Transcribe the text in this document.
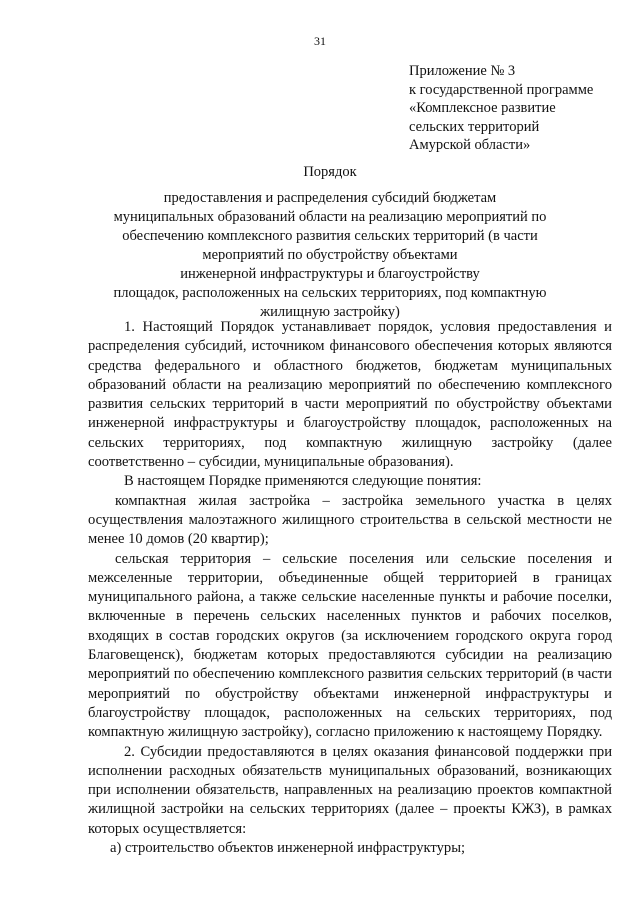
31
Приложение № 3
к государственной программе
«Комплексное развитие
сельских территорий
Амурской области»
Порядок
предоставления и распределения субсидий бюджетам
муниципальных образований области на реализацию мероприятий по
обеспечению комплексного развития сельских территорий (в части
мероприятий по обустройству объектами
инженерной инфраструктуры и благоустройству
площадок, расположенных на сельских территориях, под компактную
жилищную застройку)

1. Настоящий Порядок устанавливает порядок, условия предоставления и распределения субсидий, источником финансового обеспечения которых являются средства федерального и областного бюджетов, бюджетам муниципальных образований области на реализацию мероприятий по обеспечению комплексного развития сельских территорий в части мероприятий по обустройству объектами инженерной инфраструктуры и благоустройству площадок, расположенных на сельских территориях, под компактную жилищную застройку (далее соответственно – субсидии, муниципальные образования).

В настоящем Порядке применяются следующие понятия:

компактная жилая застройка – застройка земельного участка в целях осуществления малоэтажного жилищного строительства в сельской местности не менее 10 домов (20 квартир);

сельская территория – сельские поселения или сельские поселения и межселенные территории, объединенные общей территорией в границах муниципального района, а также сельские населенные пункты и рабочие поселки, включенные в перечень сельских населенных пунктов и рабочих поселков, входящих в состав городских округов (за исключением городского округа город Благовещенск), бюджетам которых предоставляются субсидии на реализацию мероприятий по обеспечению комплексного развития сельских территорий (в части мероприятий по обустройству объектами инженерной инфраструктуры и благоустройству площадок, расположенных на сельских территориях, под компактную жилищную застройку), согласно приложению к настоящему Порядку.

2. Субсидии предоставляются в целях оказания финансовой поддержки при исполнении расходных обязательств муниципальных образований, возникающих при исполнении обязательств, направленных на реализацию проектов компактной жилищной застройки на сельских территориях (далее – проекты КЖЗ), в рамках которых осуществляется:

а) строительство объектов инженерной инфраструктуры;
